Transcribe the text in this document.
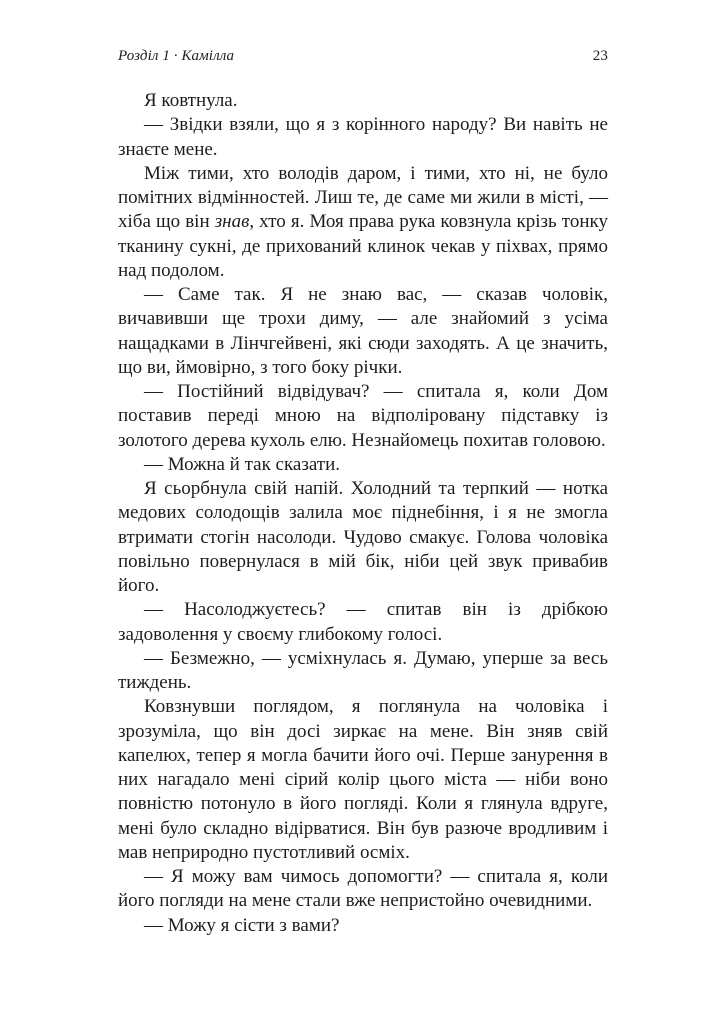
Розділ 1 · Камілла	23

Я ковтнула.

— Звідки взяли, що я з корінного народу? Ви навіть не знаєте мене.

Між тими, хто володів даром, і тими, хто ні, не було помітних відмінностей. Лиш те, де саме ми жили в місті, — хіба що він знав, хто я. Моя права рука ковзнула крізь тонку тканину сукні, де прихований клинок чекав у піхвах, прямо над подолом.

— Саме так. Я не знаю вас, — сказав чоловік, вичавивши ще трохи диму, — але знайомий з усіма нащадками в Лінчгейвені, які сюди заходять. А це значить, що ви, ймовірно, з того боку річки.

— Постійний відвідувач? — спитала я, коли Дом поставив переді мною на відполіровану підставку із золотого дерева кухоль елю. Незнайомець похитав головою.

— Можна й так сказати.

Я сьорбнула свій напій. Холодний та терпкий — нотка медових солодощів залила моє піднебіння, і я не змогла втримати стогін насолоди. Чудово смакує. Голова чоловіка повільно повернулася в мій бік, ніби цей звук привабив його.

— Насолоджуєтесь? — спитав він із дрібкою задоволення у своєму глибокому голосі.

— Безмежно, — усміхнулась я. Думаю, уперше за весь тиждень.

Ковзнувши поглядом, я поглянула на чоловіка і зрозуміла, що він досі зиркає на мене. Він зняв свій капелюх, тепер я могла бачити його очі. Перше занурення в них нагадало мені сірий колір цього міста — ніби воно повністю потонуло в його погляді. Коли я глянула вдруге, мені було складно відірватися. Він був разюче вродливим і мав неприродно пустотливий осміх.

— Я можу вам чимось допомогти? — спитала я, коли його погляди на мене стали вже непристойно очевидними.

— Можу я сісти з вами?
